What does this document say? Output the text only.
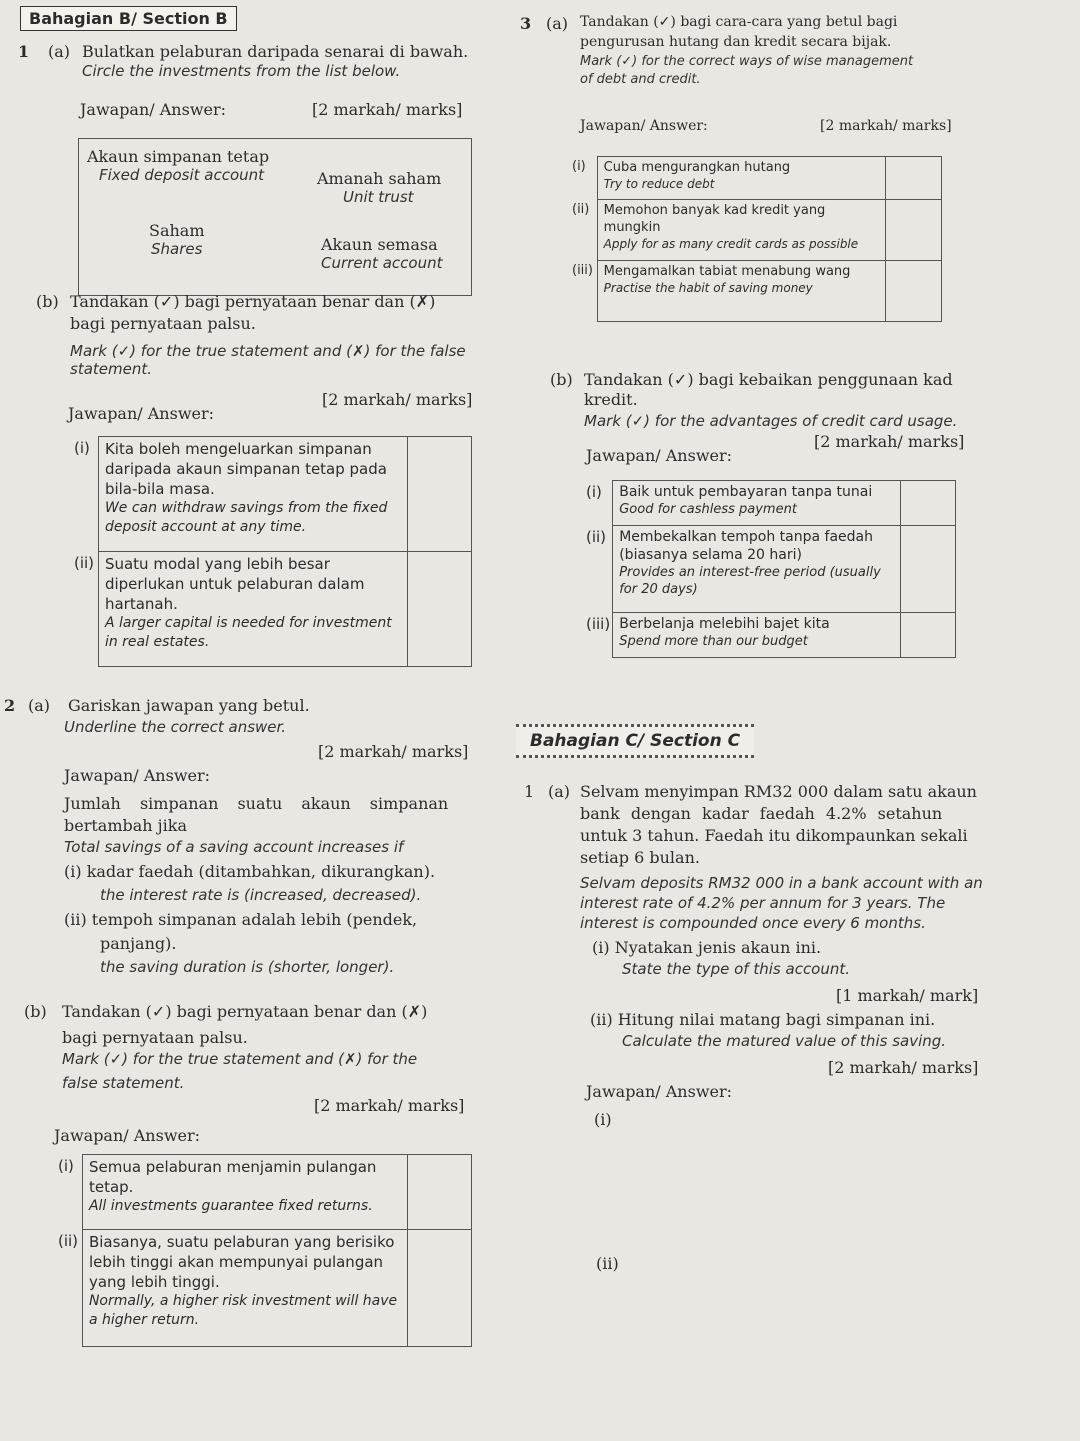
Bahagian B/ Section B
1 (a) Bulatkan pelaburan daripada senarai di bawah.
Circle the investments from the list below.
Jawapan/ Answer:	[2 markah/ marks]
Akaun simpanan tetap
Fixed deposit account	Amanah saham
Unit trust
Saham
Shares	Akaun semasa
Current account
(b) Tandakan (✓) bagi pernyataan benar dan (✗)
bagi pernyataan palsu.
Mark (✓) for the true statement and (✗) for the false
statement.
[2 markah/ marks]
Jawapan/ Answer:
(i)	Kita boleh mengeluarkan simpanan daripada akaun simpanan tetap pada bila-bila masa.
We can withdraw savings from the fixed deposit account at any time.	

(ii)	Suatu modal yang lebih besar diperlukan untuk pelaburan dalam hartanah.
A larger capital is needed for investment in real estates.	

2 (a) Gariskan jawapan yang betul.
Underline the correct answer.
[2 markah/ marks]
Jawapan/ Answer:
Jumlah simpanan suatu akaun simpanan
bertambah jika
Total savings of a saving account increases if
(i) kadar faedah (ditambahkan, dikurangkan).
the interest rate is (increased, decreased).
(ii) tempoh simpanan adalah lebih (pendek,
panjang).
the saving duration is (shorter, longer).
(b) Tandakan (✓) bagi pernyataan benar dan (✗)
bagi pernyataan palsu.
Mark (✓) for the true statement and (✗) for the
false statement.
[2 markah/ marks]
Jawapan/ Answer:
(i)	Semua pelaburan menjamin pulangan tetap.
All investments guarantee fixed returns.	

(ii)	Biasanya, suatu pelaburan yang berisiko lebih tinggi akan mempunyai pulangan yang lebih tinggi.
Normally, a higher risk investment will have a higher return.	

3 (a) Tandakan (✓) bagi cara-cara yang betul bagi
pengurusan hutang dan kredit secara bijak.
Mark (✓) for the correct ways of wise management
of debt and credit.
Jawapan/ Answer:	[2 markah/ marks]
(i)	Cuba mengurangkan hutang
Try to reduce debt	

(ii)	Memohon banyak kad kredit yang mungkin
Apply for as many credit cards as possible	

(iii)	Mengamalkan tabiat menabung wang
Practise the habit of saving money	

(b) Tandakan (✓) bagi kebaikan penggunaan kad
kredit.
Mark (✓) for the advantages of credit card usage.
[2 markah/ marks]
Jawapan/ Answer:
(i)	Baik untuk pembayaran tanpa tunai
Good for cashless payment	

(ii)	Membekalkan tempoh tanpa faedah (biasanya selama 20 hari)
Provides an interest-free period (usually for 20 days)	

(iii)	Berbelanja melebihi bajet kita
Spend more than our budget	

Bahagian C/ Section C
1 (a) Selvam menyimpan RM32 000 dalam satu akaun
bank dengan kadar faedah 4.2% setahun
untuk 3 tahun. Faedah itu dikompaunkan sekali
setiap 6 bulan.
Selvam deposits RM32 000 in a bank account with an
interest rate of 4.2% per annum for 3 years. The
interest is compounded once every 6 months.
(i) Nyatakan jenis akaun ini.
State the type of this account.
[1 markah/ mark]
(ii) Hitung nilai matang bagi simpanan ini.
Calculate the matured value of this saving.
[2 markah/ marks]
Jawapan/ Answer:
(i)
(ii)
